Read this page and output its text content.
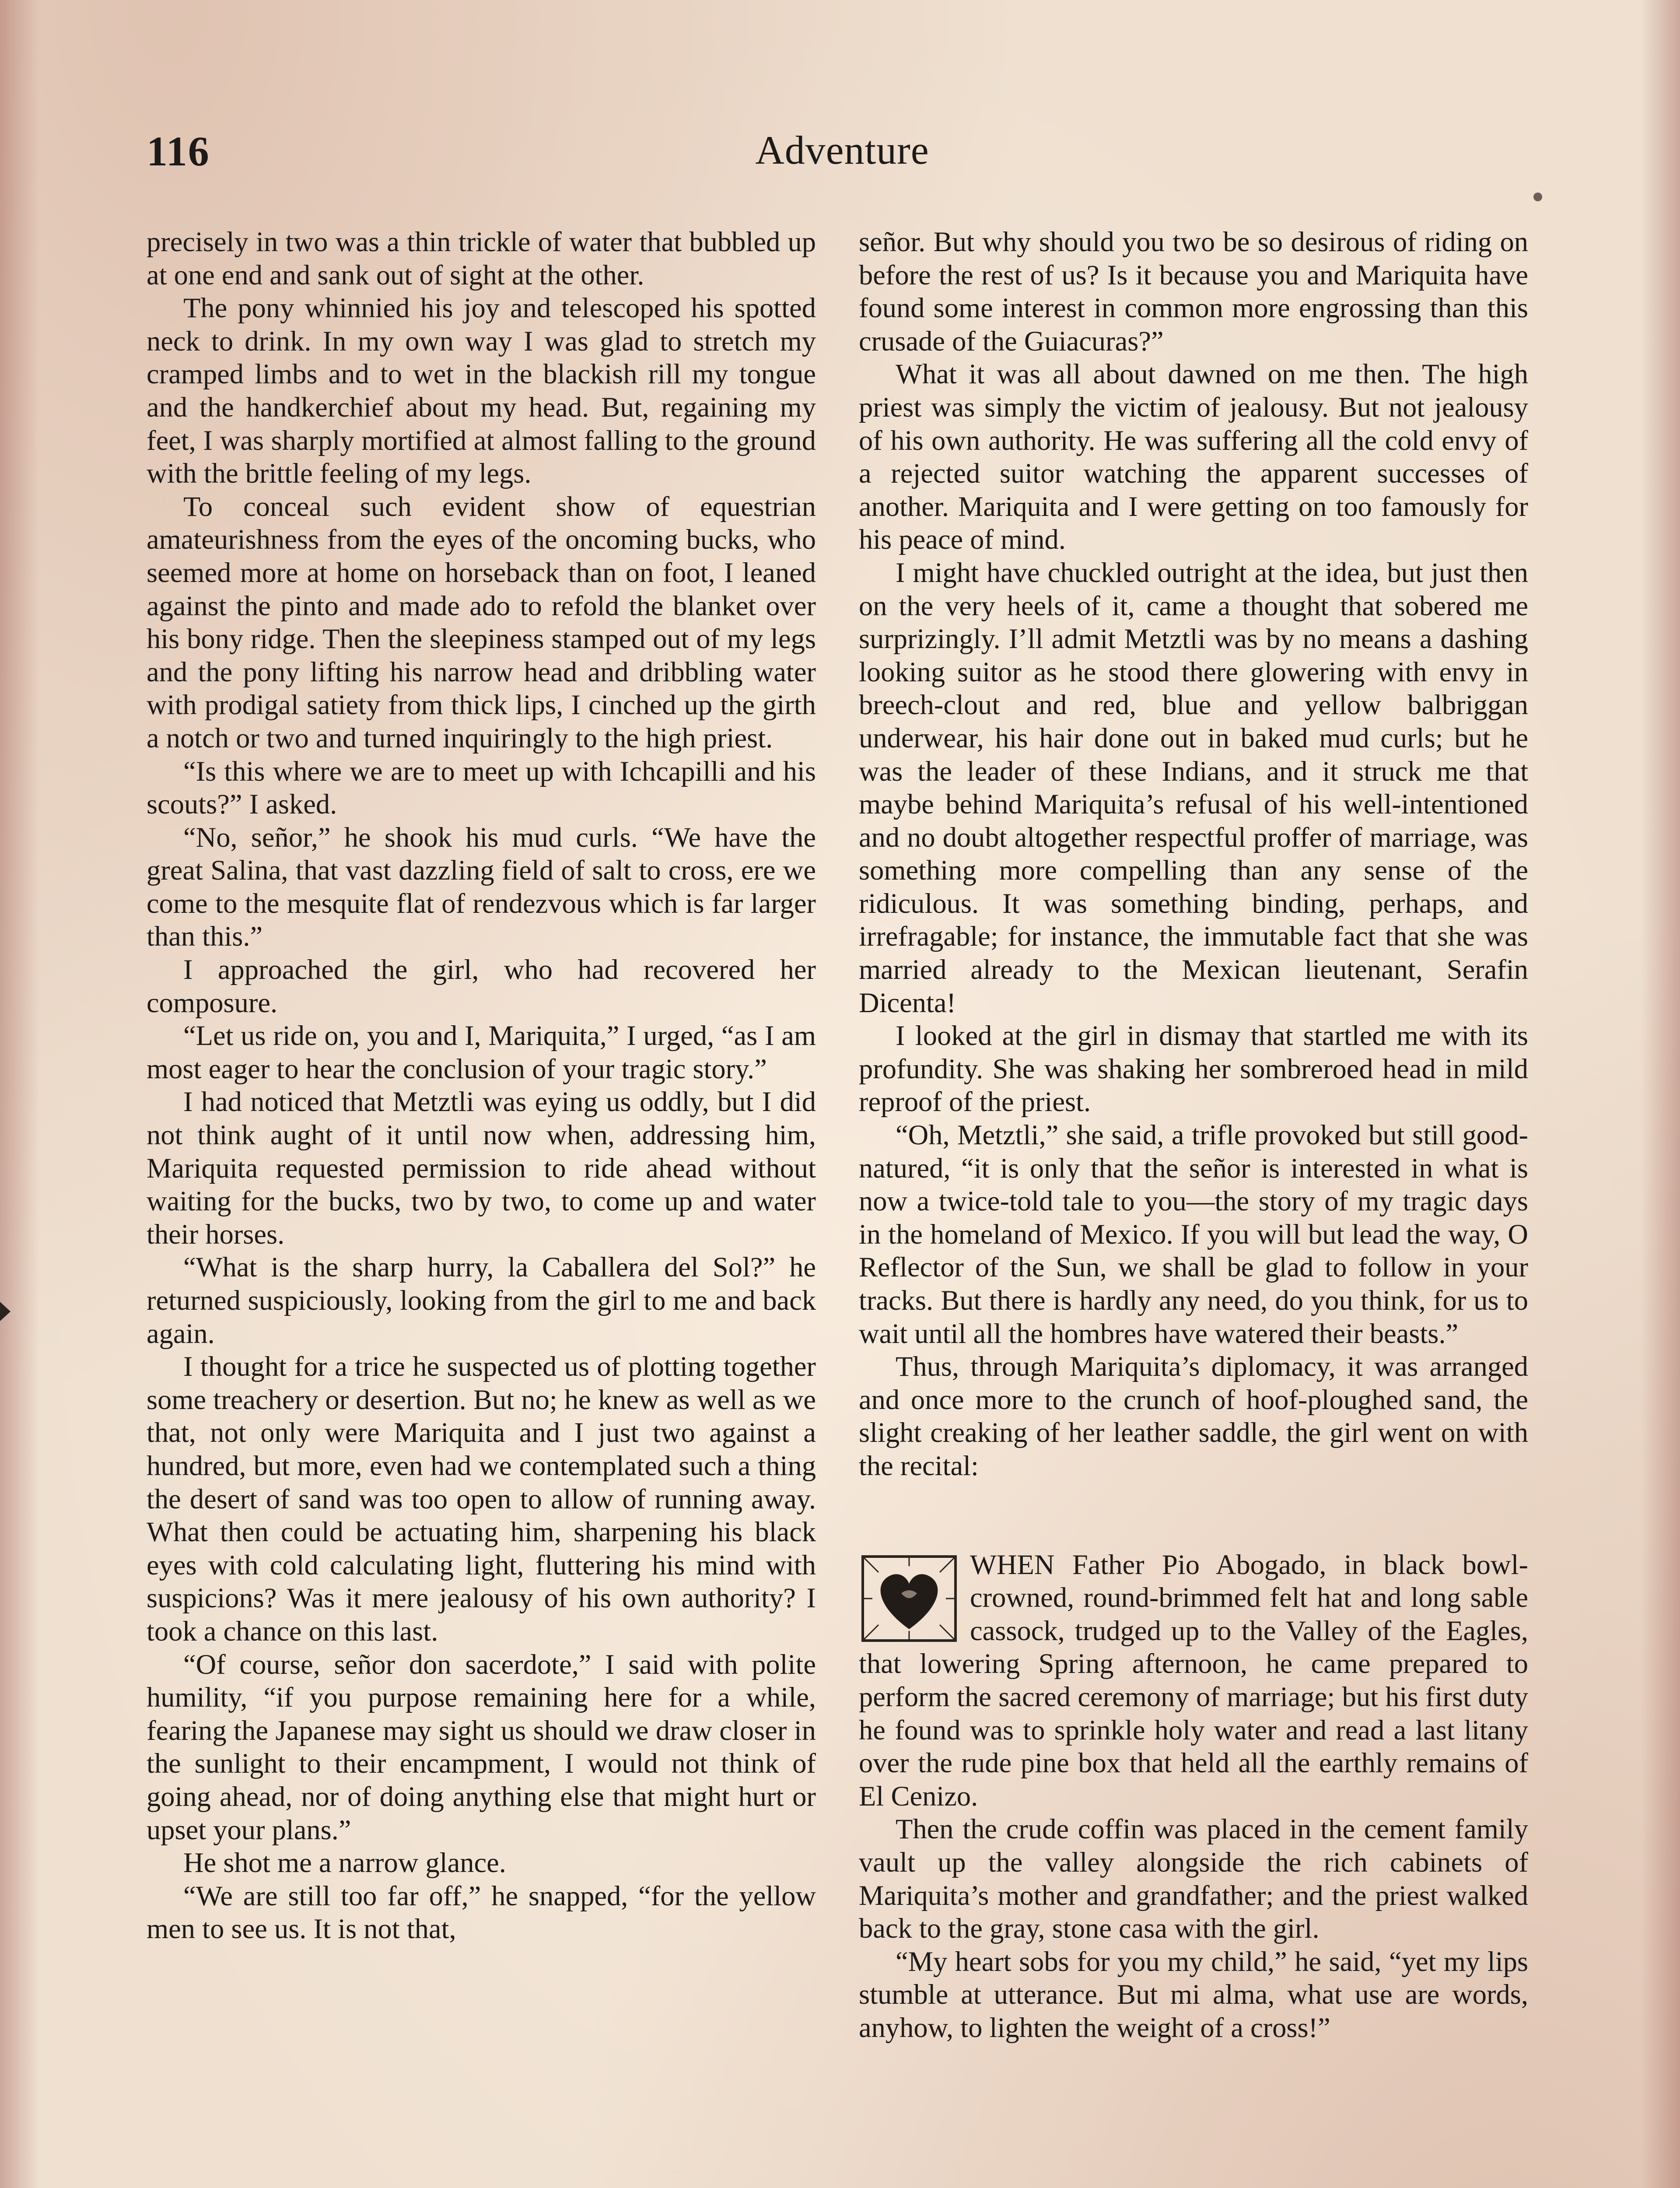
116	Adventure

precisely in two was a thin trickle of water that bubbled up at one end and sank out of sight at the other.

The pony whinnied his joy and telescoped his spotted neck to drink. In my own way I was glad to stretch my cramped limbs and to wet in the blackish rill my tongue and the handkerchief about my head. But, regaining my feet, I was sharply mortified at almost falling to the ground with the brittle feeling of my legs.

To conceal such evident show of equestrian amateurishness from the eyes of the oncoming bucks, who seemed more at home on horseback than on foot, I leaned against the pinto and made ado to refold the blanket over his bony ridge. Then the sleepiness stamped out of my legs and the pony lifting his narrow head and dribbling water with prodigal satiety from thick lips, I cinched up the girth a notch or two and turned inquiringly to the high priest.

“Is this where we are to meet up with Ichcapilli and his scouts?” I asked.

“No, señor,” he shook his mud curls. “We have the great Salina, that vast dazzling field of salt to cross, ere we come to the mesquite flat of rendezvous which is far larger than this.”

I approached the girl, who had recovered her composure.

“Let us ride on, you and I, Mariquita,” I urged, “as I am most eager to hear the conclusion of your tragic story.”

I had noticed that Metztli was eying us oddly, but I did not think aught of it until now when, addressing him, Mariquita requested permission to ride ahead without waiting for the bucks, two by two, to come up and water their horses.

“What is the sharp hurry, la Caballera del Sol?” he returned suspiciously, looking from the girl to me and back again.

I thought for a trice he suspected us of plotting together some treachery or desertion. But no; he knew as well as we that, not only were Mariquita and I just two against a hundred, but more, even had we contemplated such a thing the desert of sand was too open to allow of running away. What then could be actuating him, sharpening his black eyes with cold calculating light, fluttering his mind with suspicions? Was it mere jealousy of his own authority? I took a chance on this last.

“Of course, señor don sacerdote,” I said with polite humility, “if you purpose remaining here for a while, fearing the Japanese may sight us should we draw closer in the sunlight to their encampment, I would not think of going ahead, nor of doing anything else that might hurt or upset your plans.”

He shot me a narrow glance.

“We are still too far off,” he snapped, “for the yellow men to see us. It is not that,

señor. But why should you two be so desirous of riding on before the rest of us? Is it because you and Mariquita have found some interest in common more engrossing than this crusade of the Guiacuras?”

What it was all about dawned on me then. The high priest was simply the victim of jealousy. But not jealousy of his own authority. He was suffering all the cold envy of a rejected suitor watching the apparent successes of another. Mariquita and I were getting on too famously for his peace of mind.

I might have chuckled outright at the idea, but just then on the very heels of it, came a thought that sobered me surprizingly. I’ll admit Metztli was by no means a dashing looking suitor as he stood there glowering with envy in breech-clout and red, blue and yellow balbriggan underwear, his hair done out in baked mud curls; but he was the leader of these Indians, and it struck me that maybe behind Mariquita’s refusal of his well-intentioned and no doubt altogether respectful proffer of marriage, was something more compelling than any sense of the ridiculous. It was something binding, perhaps, and irrefragable; for instance, the immutable fact that she was married already to the Mexican lieutenant, Serafin Dicenta!

I looked at the girl in dismay that startled me with its profundity. She was shaking her sombreroed head in mild reproof of the priest.

“Oh, Metztli,” she said, a trifle provoked but still good-natured, “it is only that the señor is interested in what is now a twice-told tale to you—the story of my tragic days in the homeland of Mexico. If you will but lead the way, O Reflector of the Sun, we shall be glad to follow in your tracks. But there is hardly any need, do you think, for us to wait until all the hombres have watered their beasts.”

Thus, through Mariquita’s diplomacy, it was arranged and once more to the crunch of hoof-ploughed sand, the slight creaking of her leather saddle, the girl went on with the recital:

WHEN Father Pio Abogado, in black bowl-crowned, round-brimmed felt hat and long sable cassock, trudged up to the Valley of the Eagles, that lowering Spring afternoon, he came prepared to perform the sacred ceremony of marriage; but his first duty he found was to sprinkle holy water and read a last litany over the rude pine box that held all the earthly remains of El Cenizo.

Then the crude coffin was placed in the cement family vault up the valley alongside the rich cabinets of Mariquita’s mother and grandfather; and the priest walked back to the gray, stone casa with the girl.

“My heart sobs for you my child,” he said, “yet my lips stumble at utterance. But mi alma, what use are words, anyhow, to lighten the weight of a cross!”
